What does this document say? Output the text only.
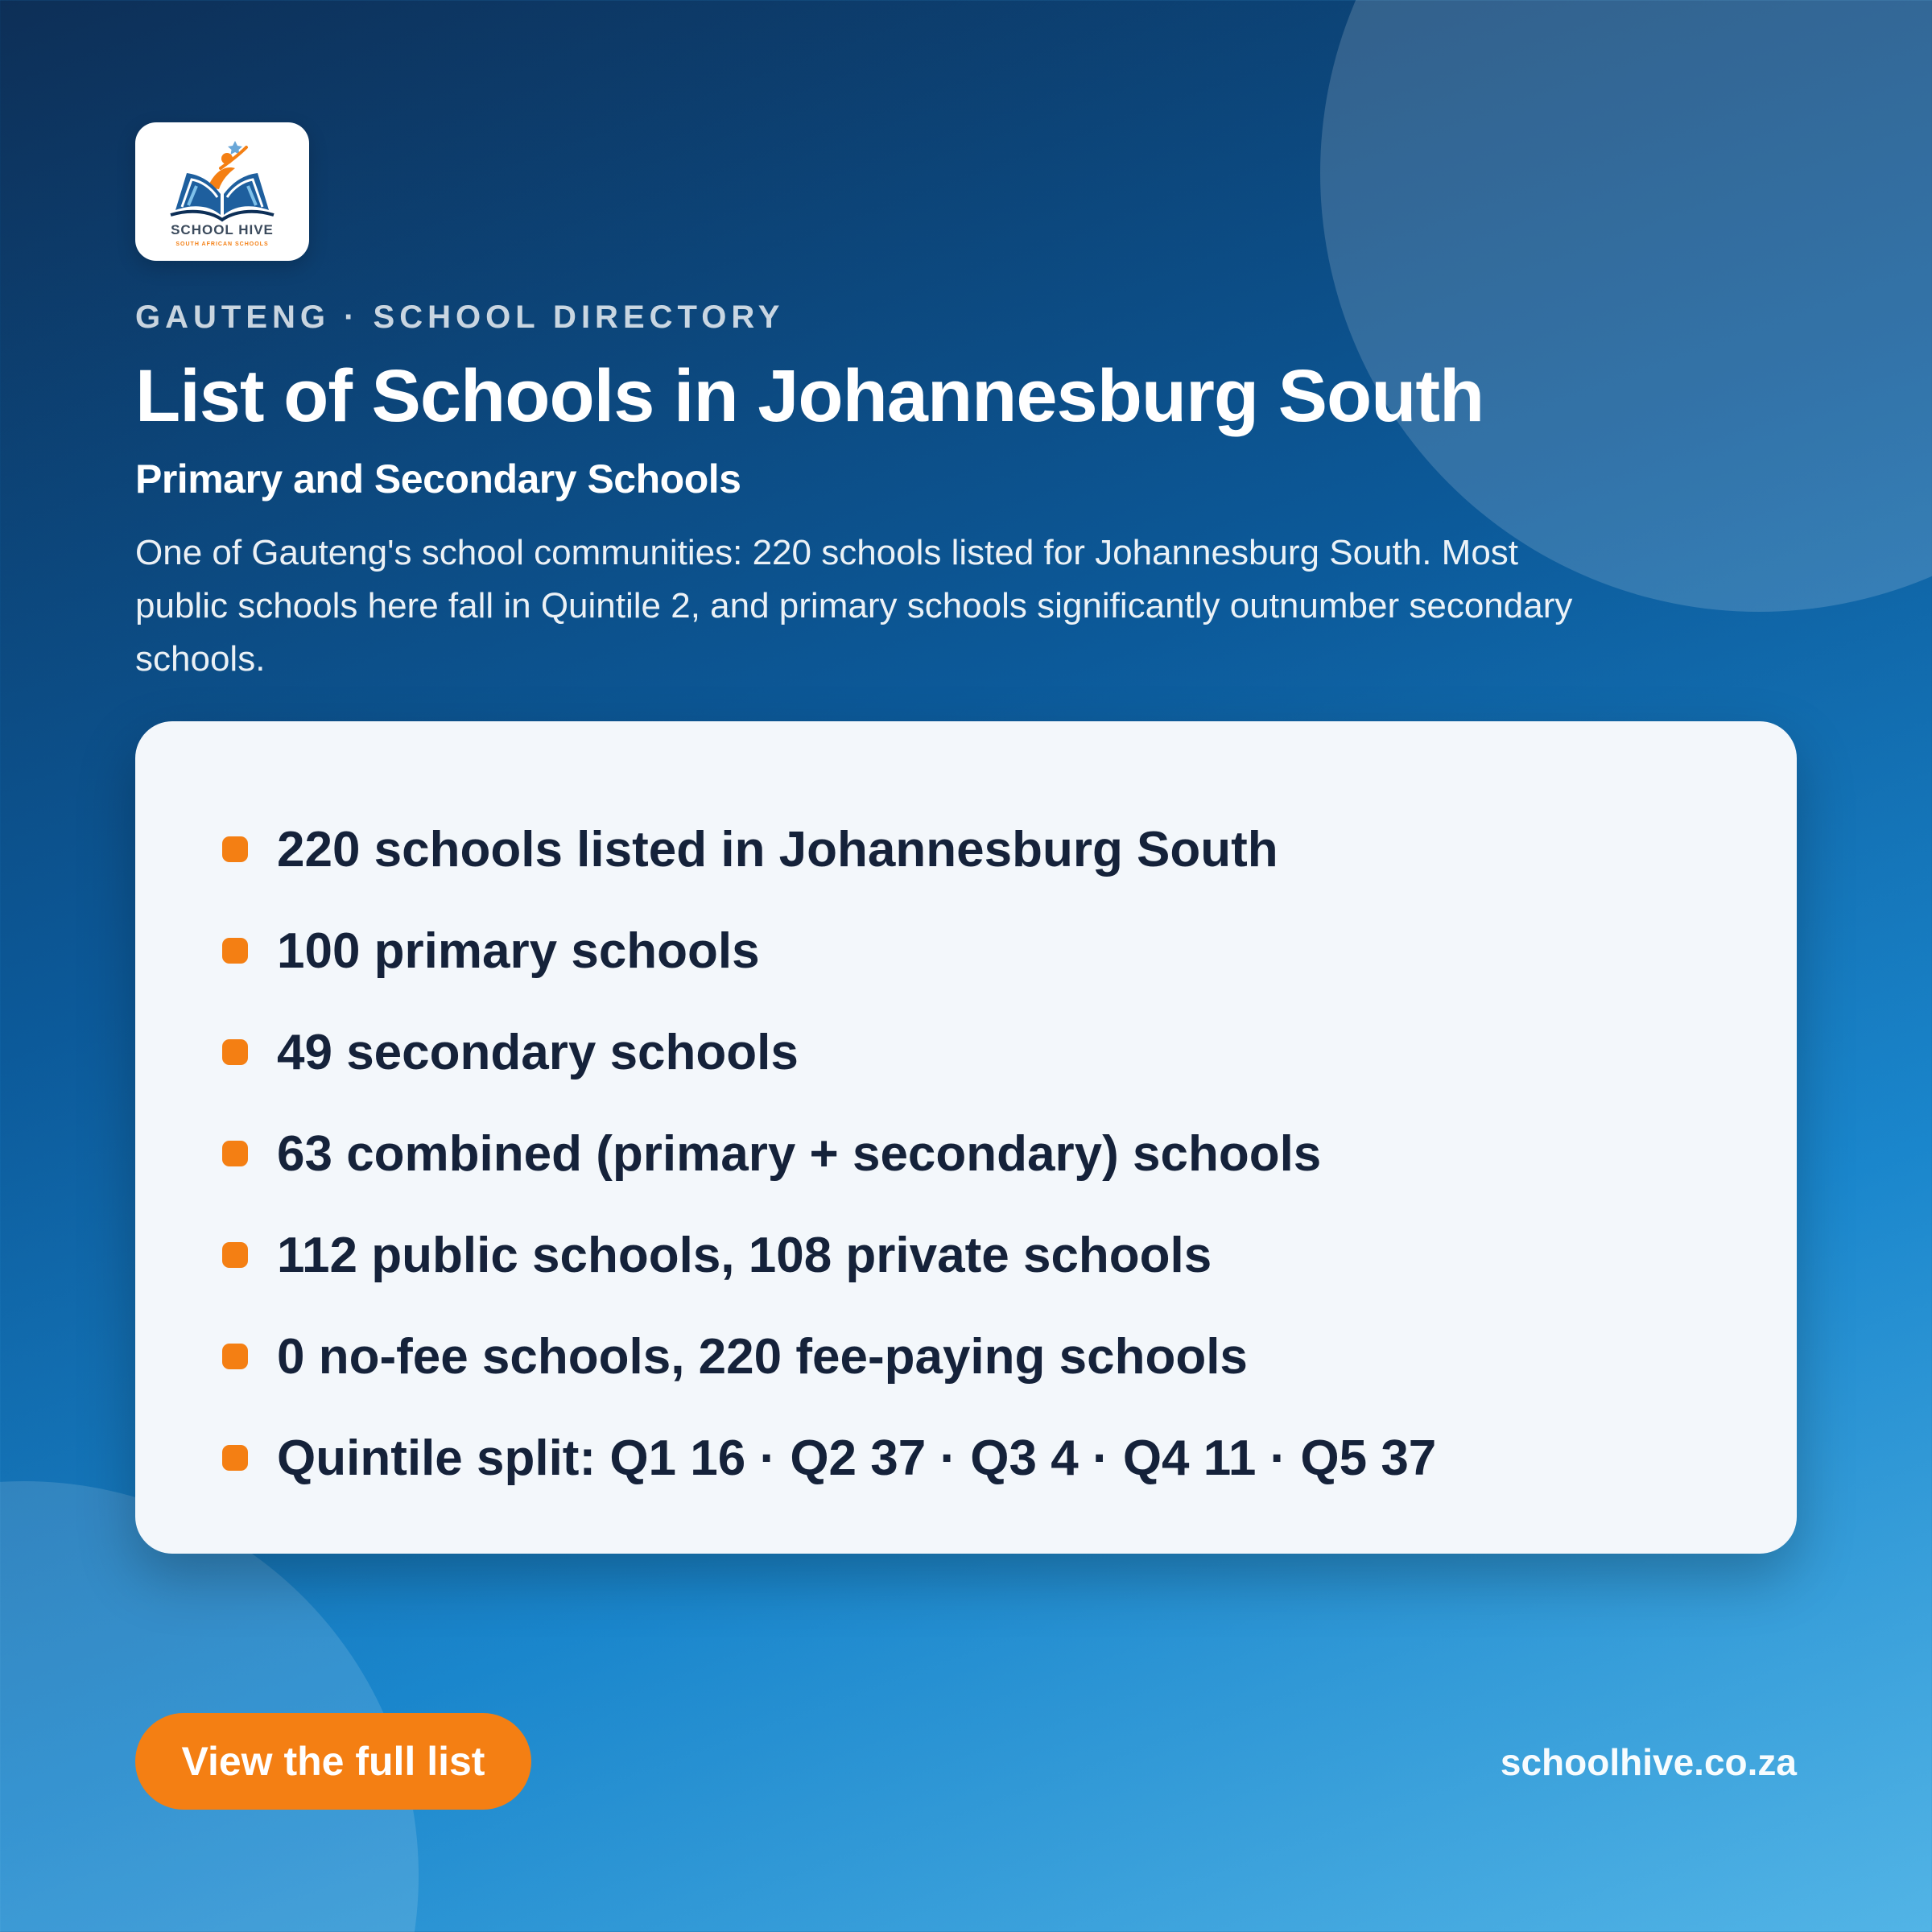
SCHOOL HIVE
SOUTH AFRICAN SCHOOLS
GAUTENG · SCHOOL DIRECTORY
List of Schools in Johannesburg South
Primary and Secondary Schools

One of Gauteng's school communities: 220 schools listed for Johannesburg South. Most public schools here fall in Quintile 2, and primary schools significantly outnumber secondary schools.

220 schools listed in Johannesburg South
100 primary schools
49 secondary schools
63 combined (primary + secondary) schools
112 public schools, 108 private schools
0 no-fee schools, 220 fee-paying schools
Quintile split: Q1 16 · Q2 37 · Q3 4 · Q4 11 · Q5 37
View the full list	schoolhive.co.za
